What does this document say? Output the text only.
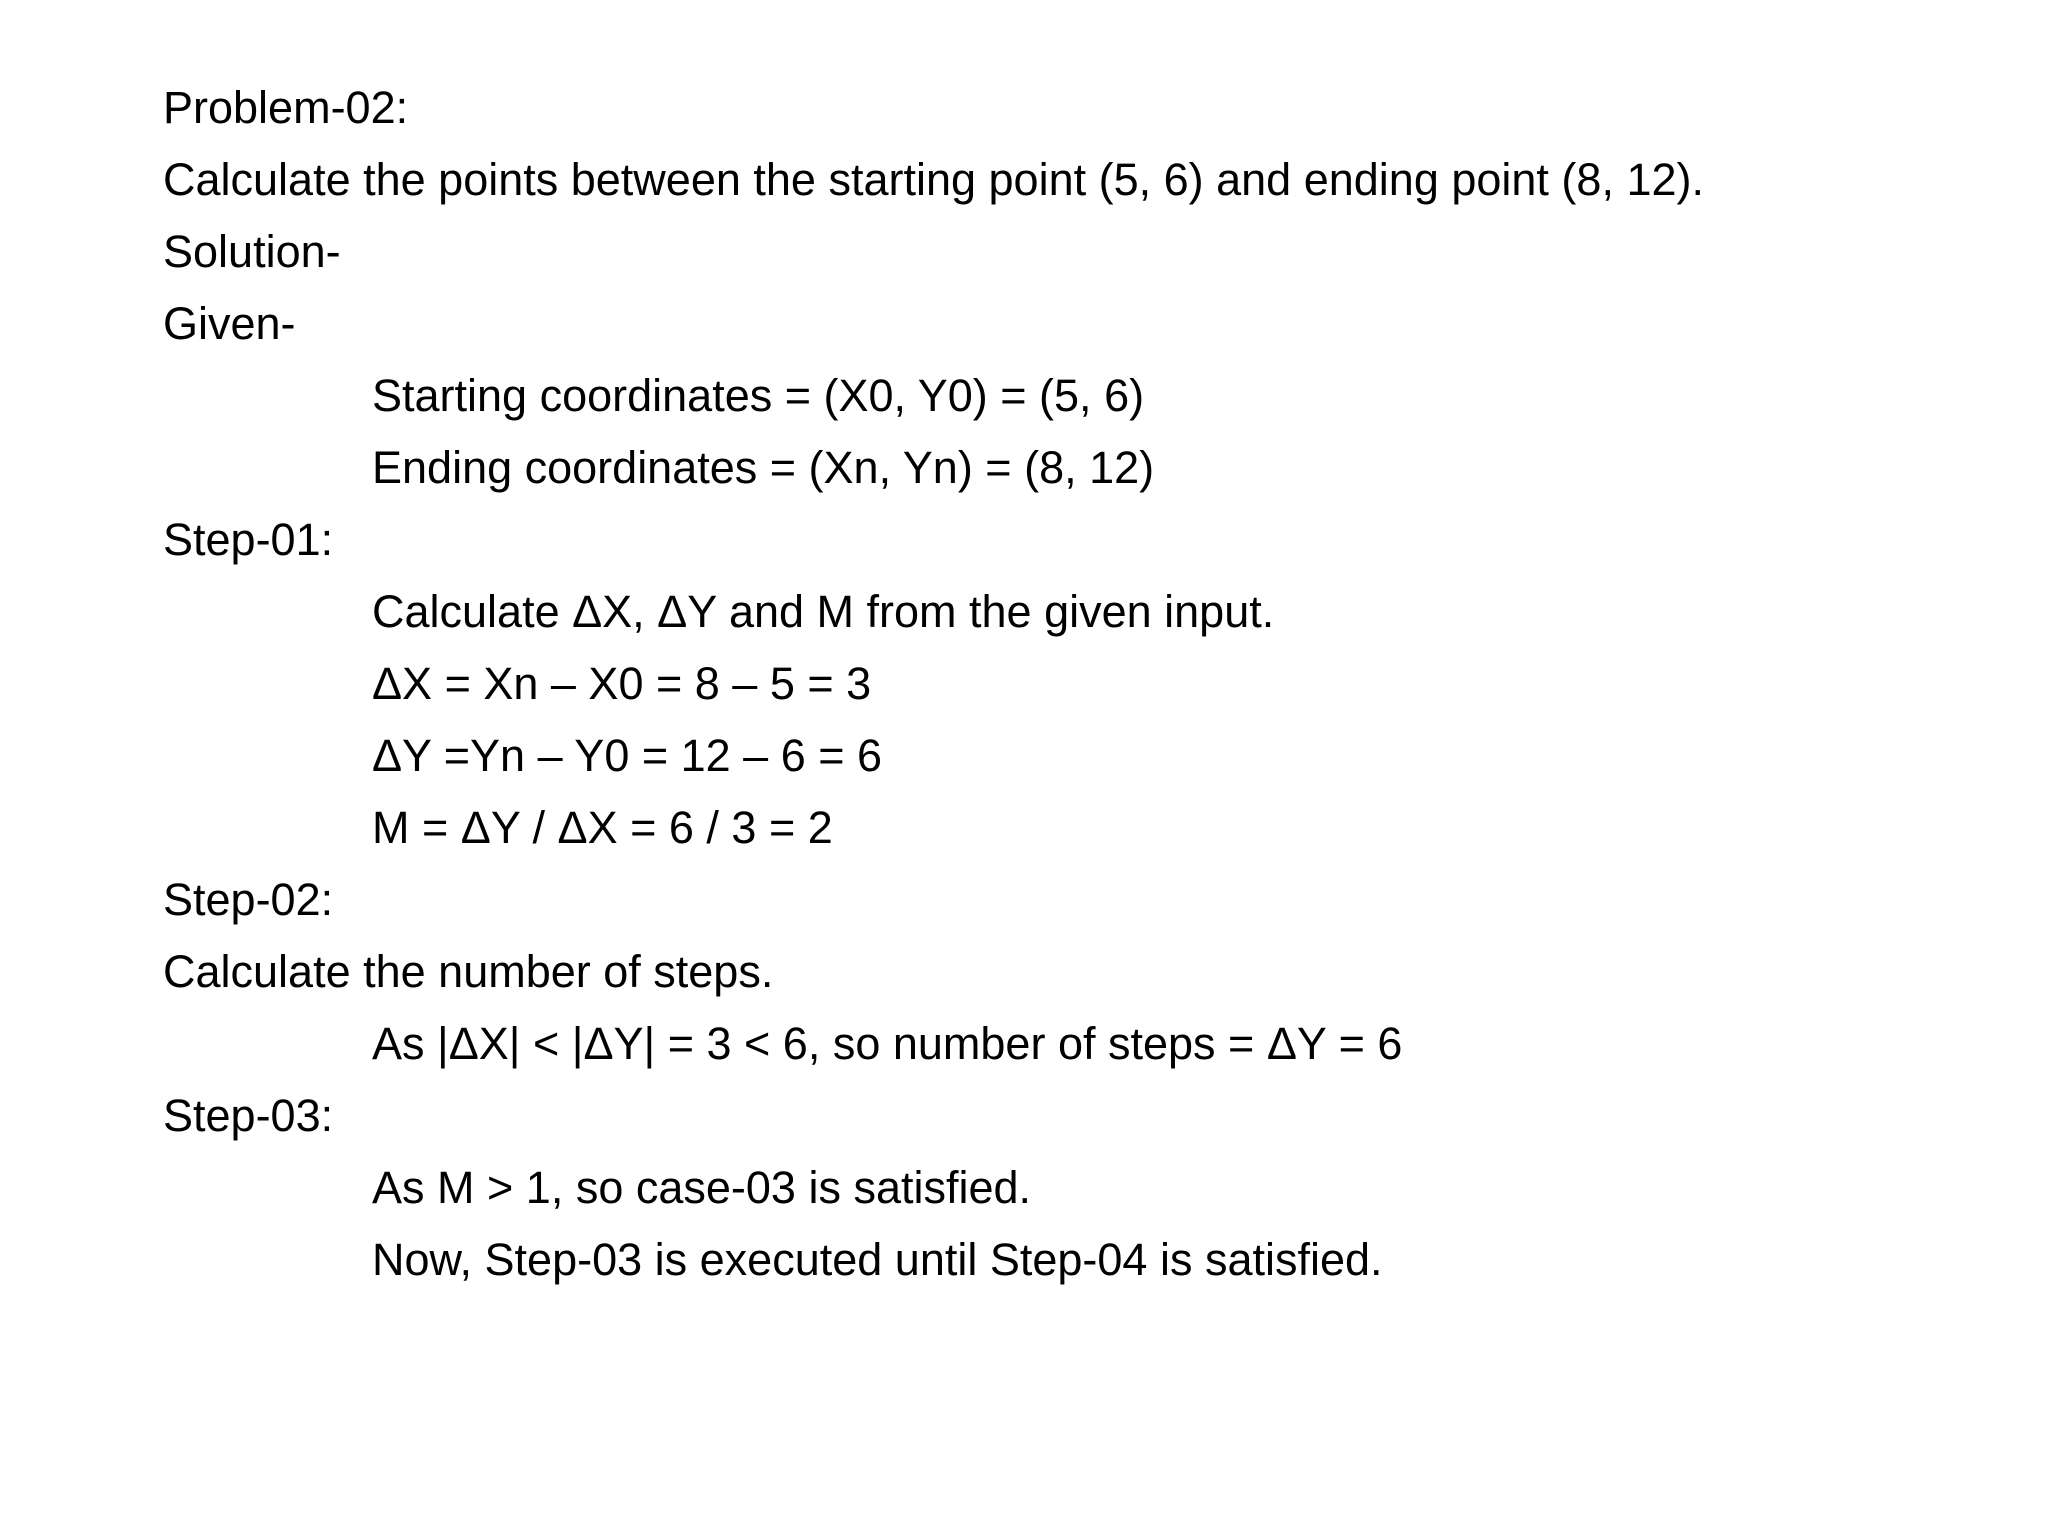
Problem-02:
Calculate the points between the starting point (5, 6) and ending point (8, 12).
Solution-
Given-
Starting coordinates = (X0, Y0) = (5, 6)
Ending coordinates = (Xn, Yn) = (8, 12)
Step-01:
Calculate ΔX, ΔY and M from the given input.
ΔX = Xn – X0 = 8 – 5 = 3
ΔY =Yn – Y0 = 12 – 6 = 6
M = ΔY / ΔX = 6 / 3 = 2
Step-02:
Calculate the number of steps.
As |ΔX| < |ΔY| = 3 < 6, so number of steps = ΔY = 6
Step-03:
As M > 1, so case-03 is satisfied.
Now, Step-03 is executed until Step-04 is satisfied.
